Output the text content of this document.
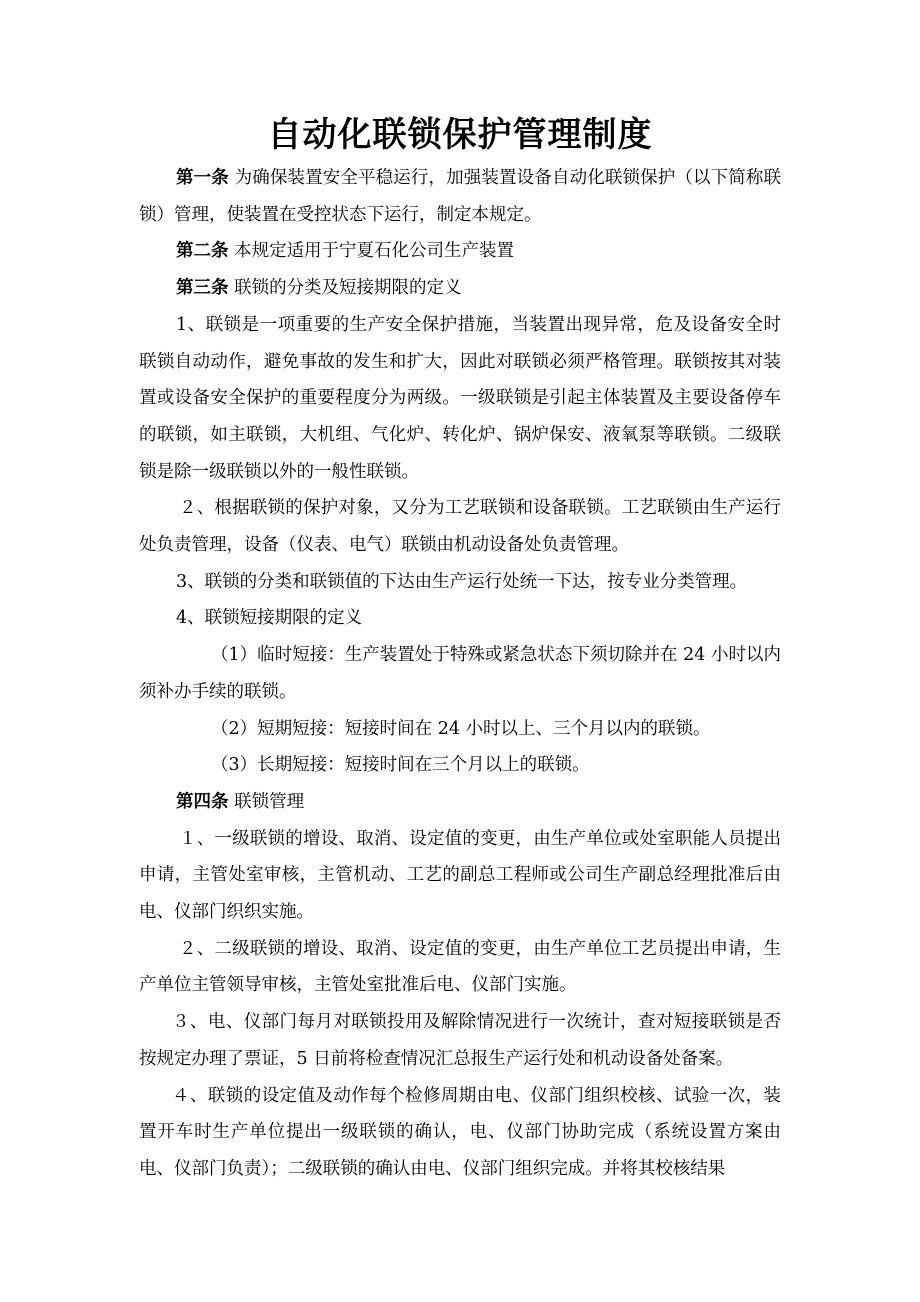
自动化联锁保护管理制度

第一条 为确保装置安全平稳运行，加强装置设备自动化联锁保护（以下简称联锁）管理，使装置在受控状态下运行，制定本规定。

第二条 本规定适用于宁夏石化公司生产装置

第三条 联锁的分类及短接期限的定义

1、联锁是一项重要的生产安全保护措施，当装置出现异常，危及设备安全时联锁自动动作，避免事故的发生和扩大，因此对联锁必须严格管理。联锁按其对装置或设备安全保护的重要程度分为两级。一级联锁是引起主体装置及主要设备停车的联锁，如主联锁，大机组、气化炉、转化炉、锅炉保安、液氧泵等联锁。二级联锁是除一级联锁以外的一般性联锁。

２、根据联锁的保护对象，又分为工艺联锁和设备联锁。工艺联锁由生产运行处负责管理，设备（仪表、电气）联锁由机动设备处负责管理。

3、联锁的分类和联锁值的下达由生产运行处统一下达，按专业分类管理。

4、联锁短接期限的定义

（1）临时短接：生产装置处于特殊或紧急状态下须切除并在 24 小时以内须补办手续的联锁。

（2）短期短接：短接时间在 24 小时以上、三个月以内的联锁。

（3）长期短接：短接时间在三个月以上的联锁。

第四条 联锁管理

１、一级联锁的增设、取消、设定值的变更，由生产单位或处室职能人员提出申请，主管处室审核，主管机动、工艺的副总工程师或公司生产副总经理批准后由电、仪部门织织实施。

２、二级联锁的增设、取消、设定值的变更，由生产单位工艺员提出申请，生产单位主管领导审核，主管处室批准后电、仪部门实施。

３、电、仪部门每月对联锁投用及解除情况进行一次统计，查对短接联锁是否按规定办理了票证，5 日前将检查情况汇总报生产运行处和机动设备处备案。

４、联锁的设定值及动作每个检修周期由电、仪部门组织校核、试验一次，装置开车时生产单位提出一级联锁的确认，电、仪部门协助完成（系统设置方案由电、仪部门负责）；二级联锁的确认由电、仪部门组织完成。并将其校核结果
